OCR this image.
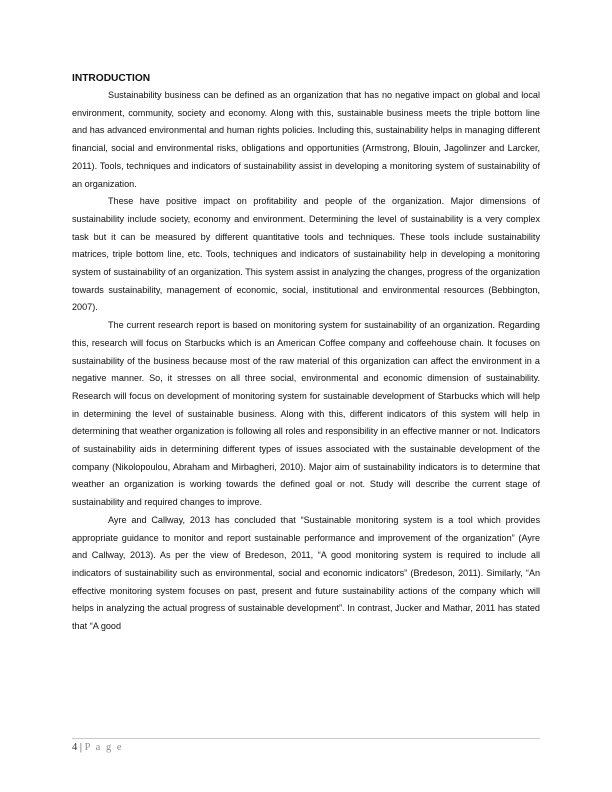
INTRODUCTION

Sustainability business can be defined as an organization that has no negative impact on global and local environment, community, society and economy. Along with this, sustainable business meets the triple bottom line and has advanced environmental and human rights policies. Including this, sustainability helps in managing different financial, social and environmental risks, obligations and opportunities (Armstrong, Blouin, Jagolinzer and Larcker, 2011). Tools, techniques and indicators of sustainability assist in developing a monitoring system of sustainability of an organization.

These have positive impact on profitability and people of the organization. Major dimensions of sustainability include society, economy and environment. Determining the level of sustainability is a very complex task but it can be measured by different quantitative tools and techniques. These tools include sustainability matrices, triple bottom line, etc. Tools, techniques and indicators of sustainability help in developing a monitoring system of sustainability of an organization. This system assist in analyzing the changes, progress of the organization towards sustainability, management of economic, social, institutional and environmental resources (Bebbington, 2007).

The current research report is based on monitoring system for sustainability of an organization. Regarding this, research will focus on Starbucks which is an American Coffee company and coffeehouse chain. It focuses on sustainability of the business because most of the raw material of this organization can affect the environment in a negative manner. So, it stresses on all three social, environmental and economic dimension of sustainability. Research will focus on development of monitoring system for sustainable development of Starbucks which will help in determining the level of sustainable business. Along with this, different indicators of this system will help in determining that weather organization is following all roles and responsibility in an effective manner or not. Indicators of sustainability aids in determining different types of issues associated with the sustainable development of the company (Nikolopoulou, Abraham and Mirbagheri, 2010). Major aim of sustainability indicators is to determine that weather an organization is working towards the defined goal or not. Study will describe the current stage of sustainability and required changes to improve.

Ayre and Callway, 2013 has concluded that “Sustainable monitoring system is a tool which provides appropriate guidance to monitor and report sustainable performance and improvement of the organization” (Ayre and Callway, 2013). As per the view of Bredeson, 2011, “A good monitoring system is required to include all indicators of sustainability such as environmental, social and economic indicators” (Bredeson, 2011). Similarly, “An effective monitoring system focuses on past, present and future sustainability actions of the company which will helps in analyzing the actual progress of sustainable development”. In contrast, Jucker and Mathar, 2011 has stated that “A good

4 | P a g e
